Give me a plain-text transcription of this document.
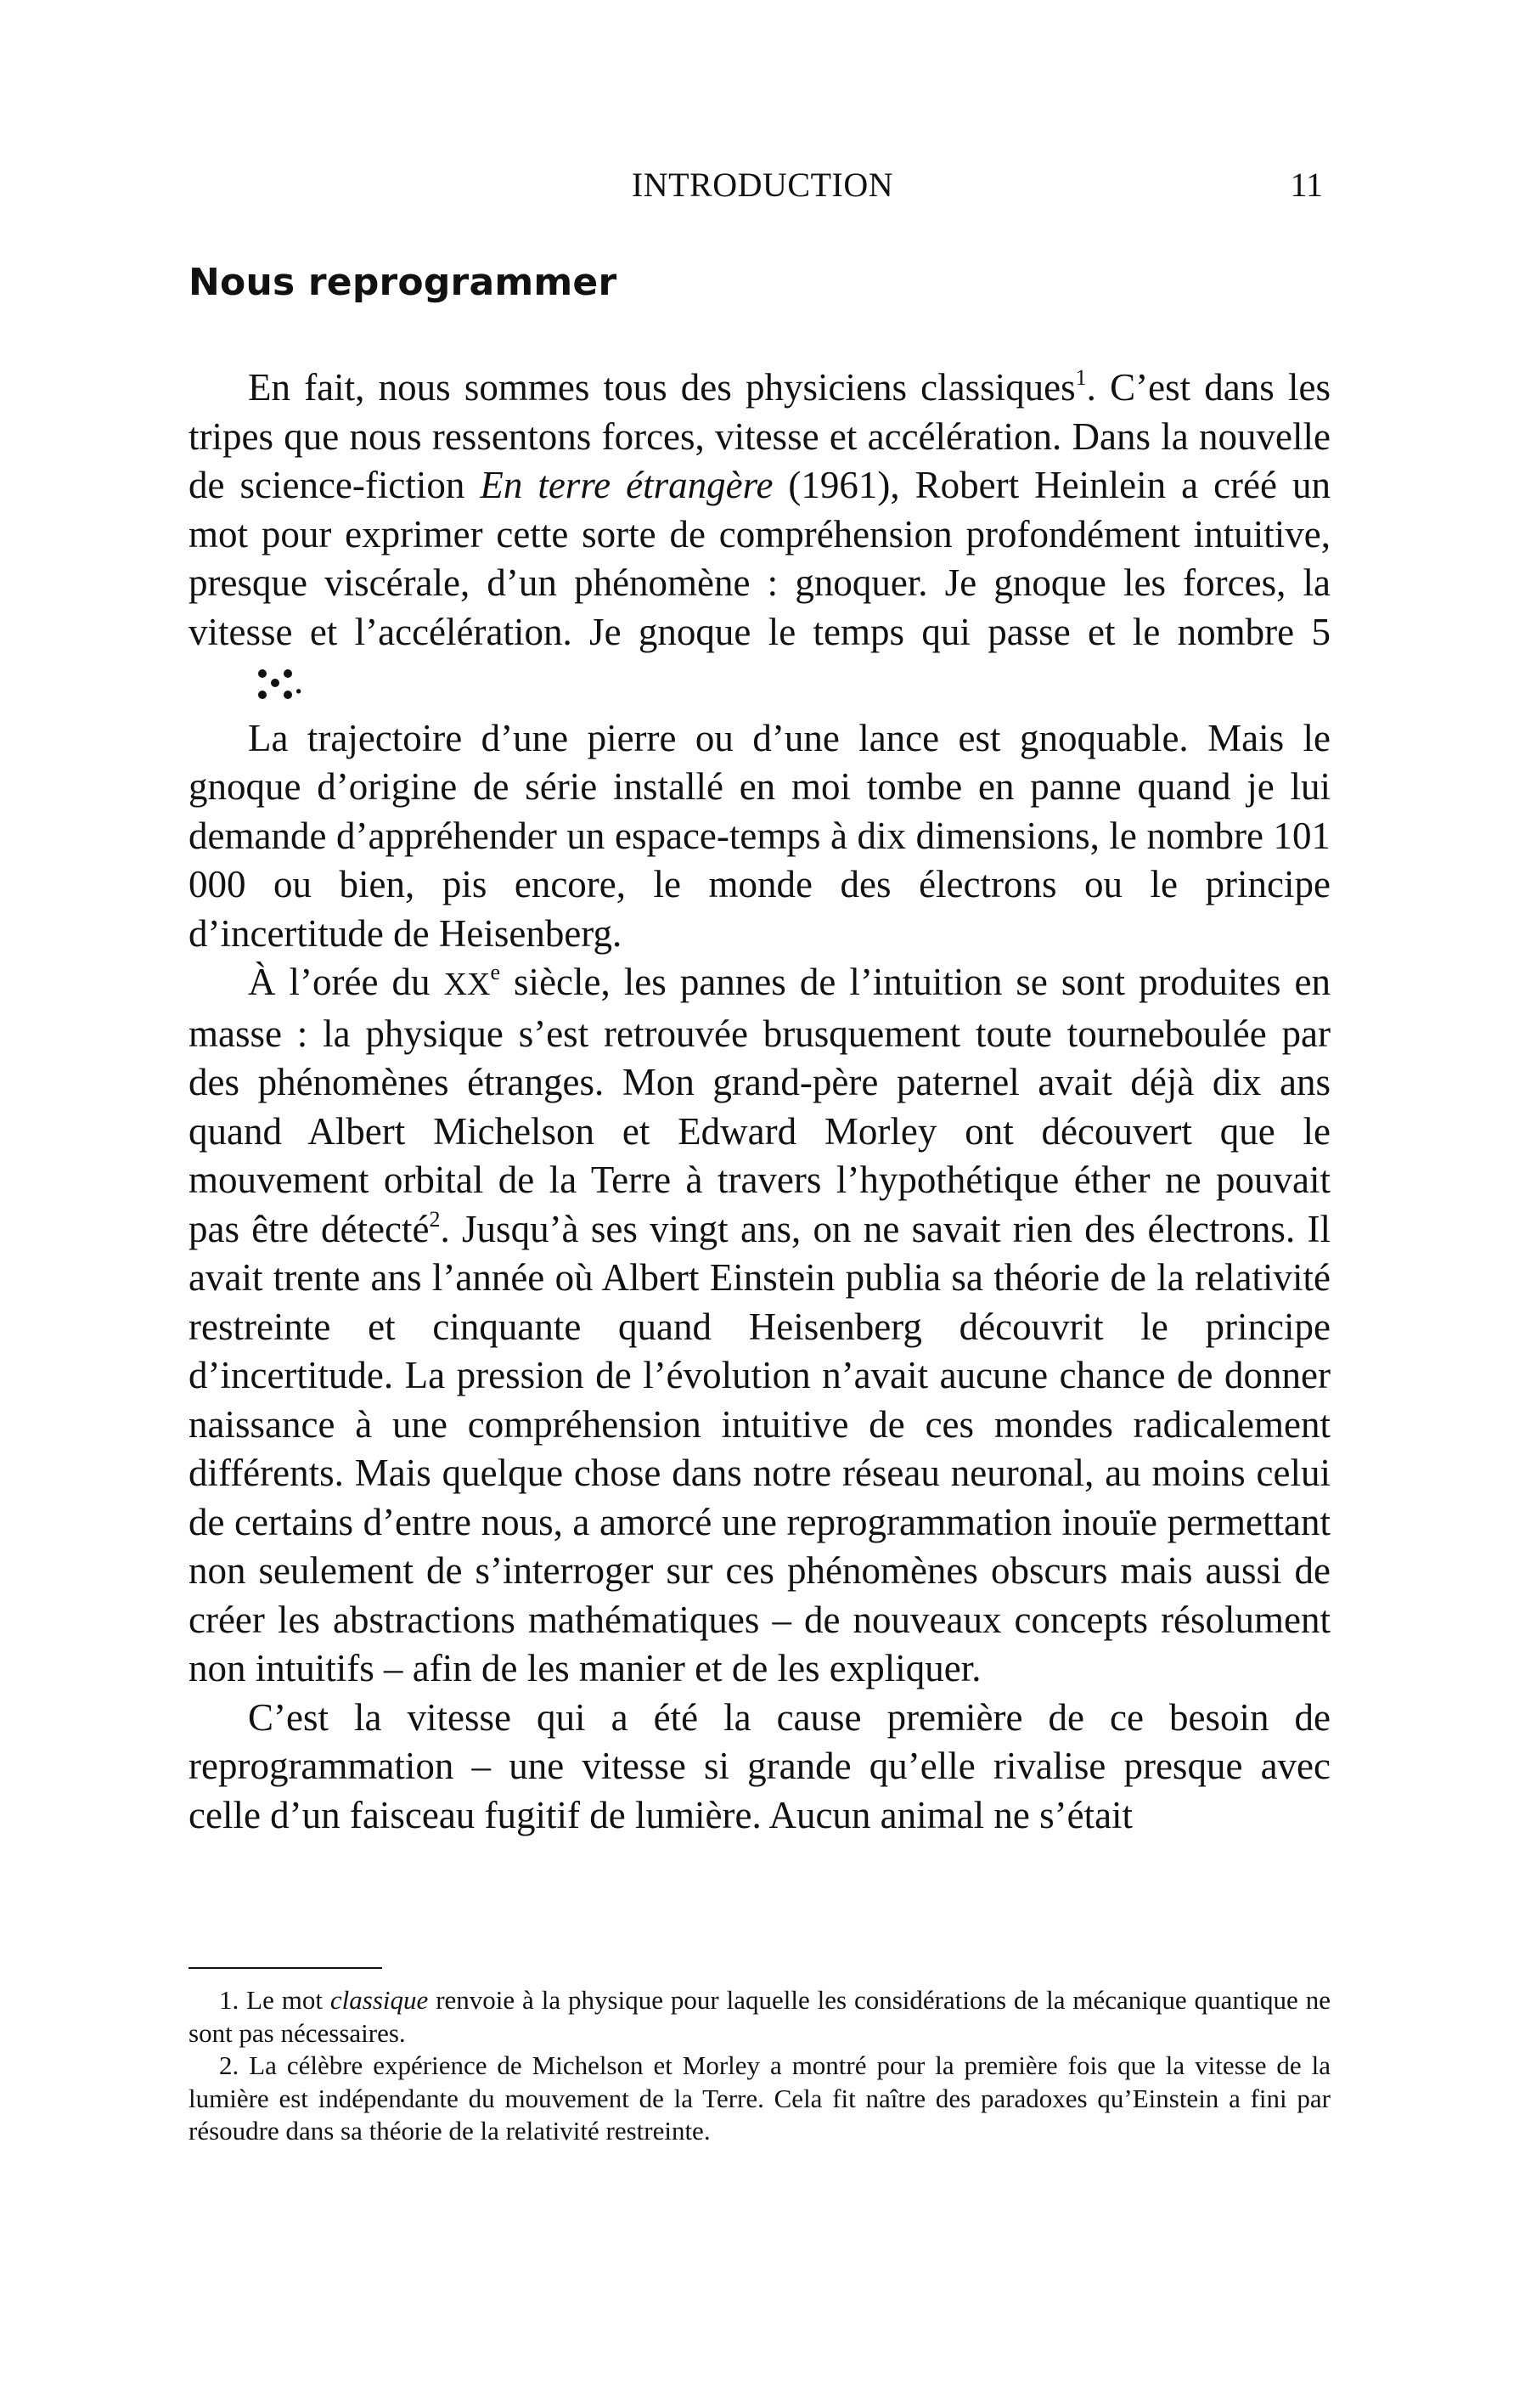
INTRODUCTION	11
Nous reprogrammer

En fait, nous sommes tous des physiciens classiques$^1$. C’est dans les tripes que nous ressentons forces, vitesse et accélération. Dans la nouvelle de science-fiction En terre étrangère (1961), Robert Heinlein a créé un mot pour exprimer cette sorte de compréhension profondément intuitive, presque viscérale, d’un phénomène : gnoquer. Je gnoque les forces, la vitesse et l’accélération. Je gnoque le temps qui passe et le nombre 5.

La trajectoire d’une pierre ou d’une lance est gnoquable. Mais le gnoque d’origine de série installé en moi tombe en panne quand je lui demande d’appréhender un espace-temps à dix dimensions, le nombre 101 000 ou bien, pis encore, le monde des électrons ou le principe d’incertitude de Heisenberg.

À l’orée du XXe siècle, les pannes de l’intuition se sont produites en masse : la physique s’est retrouvée brusquement toute tourneboulée par des phénomènes étranges. Mon grand-père paternel avait déjà dix ans quand Albert Michelson et Edward Morley ont découvert que le mouvement orbital de la Terre à travers l’hypothétique éther ne pouvait pas être détecté$^2$. Jusqu’à ses vingt ans, on ne savait rien des électrons. Il avait trente ans l’année où Albert Einstein publia sa théorie de la relativité restreinte et cinquante quand Heisenberg découvrit le principe d’incertitude. La pression de l’évolution n’avait aucune chance de donner naissance à une compréhension intuitive de ces mondes radicalement différents. Mais quelque chose dans notre réseau neuronal, au moins celui de certains d’entre nous, a amorcé une reprogrammation inouïe permettant non seulement de s’interroger sur ces phénomènes obscurs mais aussi de créer les abstractions mathématiques – de nouveaux concepts résolument non intuitifs – afin de les manier et de les expliquer.

C’est la vitesse qui a été la cause première de ce besoin de reprogrammation – une vitesse si grande qu’elle rivalise presque avec celle d’un faisceau fugitif de lumière. Aucun animal ne s’était

1. Le mot classique renvoie à la physique pour laquelle les considérations de la mécanique quantique ne sont pas nécessaires.

2. La célèbre expérience de Michelson et Morley a montré pour la première fois que la vitesse de la lumière est indépendante du mouvement de la Terre. Cela fit naître des paradoxes qu’Einstein a fini par résoudre dans sa théorie de la relativité restreinte.
